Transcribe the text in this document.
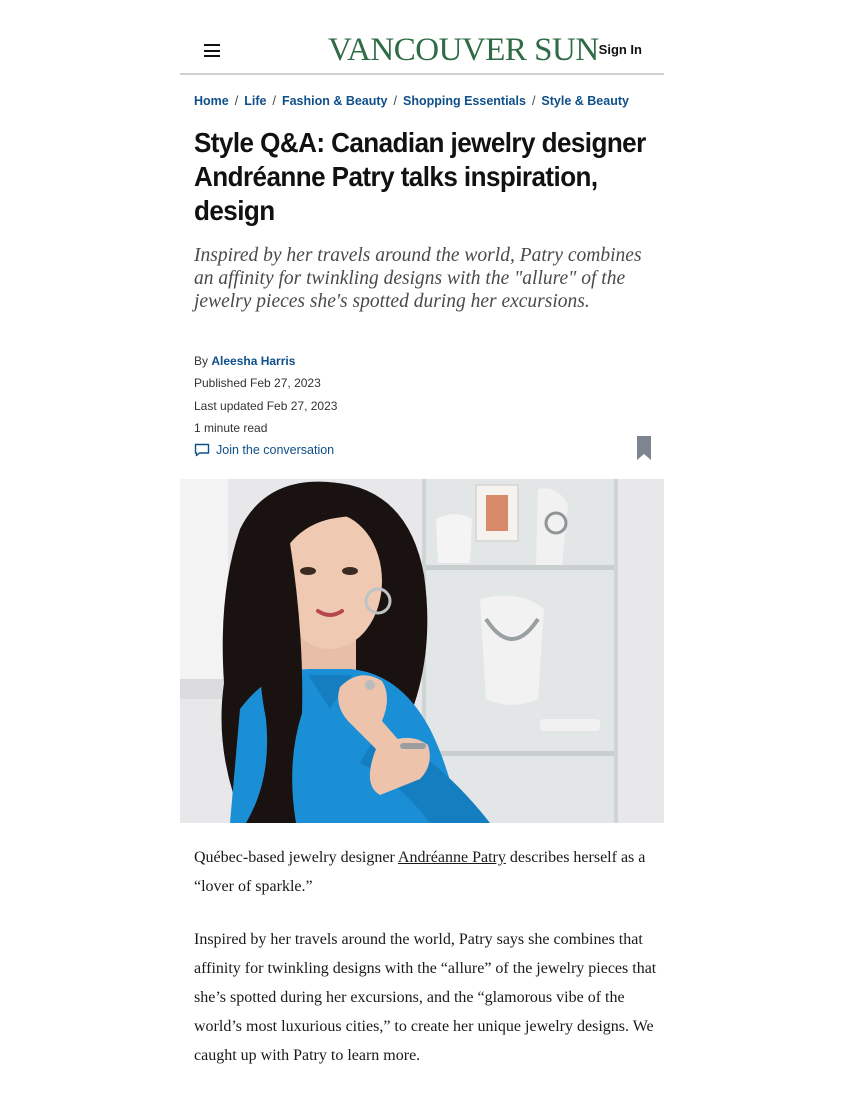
VANCOUVER SUN Sign In
Home / Life / Fashion & Beauty / Shopping Essentials / Style & Beauty
Style Q&A: Canadian jewelry designer Andréanne Patry talks inspiration, design

Inspired by her travels around the world, Patry combines an affinity for twinkling designs with the "allure" of the jewelry pieces she's spotted during her excursions.

By Aleesha Harris
Published Feb 27, 2023
Last updated Feb 27, 2023
1 minute read
Join the conversation

Québec-based jewelry designer Andréanne Patry describes herself as a “lover of sparkle.”

Inspired by her travels around the world, Patry says she combines that affinity for twinkling designs with the “allure” of the jewelry pieces that she’s spotted during her excursions, and the “glamorous vibe of the world’s most luxurious cities,” to create her unique jewelry designs. We caught up with Patry to learn more.
